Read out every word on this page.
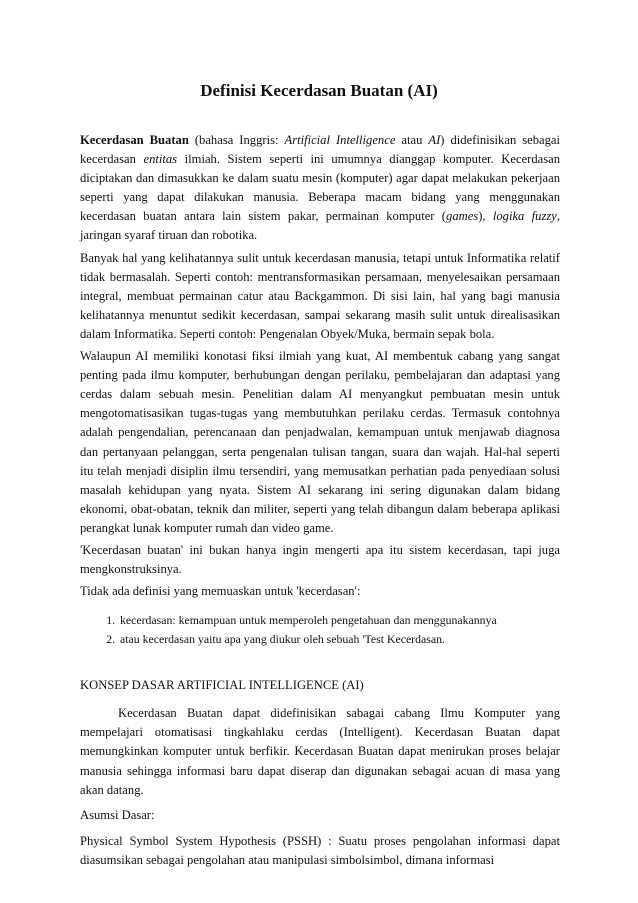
Definisi Kecerdasan Buatan (AI)

Kecerdasan Buatan (bahasa Inggris: Artificial Intelligence atau AI) didefinisikan sebagai kecerdasan entitas ilmiah. Sistem seperti ini umumnya dianggap komputer. Kecerdasan diciptakan dan dimasukkan ke dalam suatu mesin (komputer) agar dapat melakukan pekerjaan seperti yang dapat dilakukan manusia. Beberapa macam bidang yang menggunakan kecerdasan buatan antara lain sistem pakar, permainan komputer (games), logika fuzzy, jaringan syaraf tiruan dan robotika.

Banyak hal yang kelihatannya sulit untuk kecerdasan manusia, tetapi untuk Informatika relatif tidak bermasalah. Seperti contoh: mentransformasikan persamaan, menyelesaikan persamaan integral, membuat permainan catur atau Backgammon. Di sisi lain, hal yang bagi manusia kelihatannya menuntut sedikit kecerdasan, sampai sekarang masih sulit untuk direalisasikan dalam Informatika. Seperti contoh: Pengenalan Obyek/Muka, bermain sepak bola.

Walaupun AI memiliki konotasi fiksi ilmiah yang kuat, AI membentuk cabang yang sangat penting pada ilmu komputer, berhubungan dengan perilaku, pembelajaran dan adaptasi yang cerdas dalam sebuah mesin. Penelitian dalam AI menyangkut pembuatan mesin untuk mengotomatisasikan tugas-tugas yang membutuhkan perilaku cerdas. Termasuk contohnya adalah pengendalian, perencanaan dan penjadwalan, kemampuan untuk menjawab diagnosa dan pertanyaan pelanggan, serta pengenalan tulisan tangan, suara dan wajah. Hal-hal seperti itu telah menjadi disiplin ilmu tersendiri, yang memusatkan perhatian pada penyediaan solusi masalah kehidupan yang nyata. Sistem AI sekarang ini sering digunakan dalam bidang ekonomi, obat-obatan, teknik dan militer, seperti yang telah dibangun dalam beberapa aplikasi perangkat lunak komputer rumah dan video game.

'Kecerdasan buatan' ini bukan hanya ingin mengerti apa itu sistem kecerdasan, tapi juga mengkonstruksinya.

Tidak ada definisi yang memuaskan untuk 'kecerdasan':

1. kecerdasan: kemampuan untuk memperoleh pengetahuan dan menggunakannya
2. atau kecerdasan yaitu apa yang diukur oleh sebuah 'Test Kecerdasan.

KONSEP DASAR ARTIFICIAL INTELLIGENCE (AI)

Kecerdasan Buatan dapat didefinisikan sabagai cabang Ilmu Komputer yang mempelajari otomatisasi tingkahlaku cerdas (Intelligent). Kecerdasan Buatan dapat memungkinkan komputer untuk berfikir. Kecerdasan Buatan dapat menirukan proses belajar manusia sehingga informasi baru dapat diserap dan digunakan sebagai acuan di masa yang akan datang.

Asumsi Dasar:

Physical Symbol System Hypothesis (PSSH) : Suatu proses pengolahan informasi dapat diasumsikan sebagai pengolahan atau manipulasi simbolsimbol, dimana informasi
